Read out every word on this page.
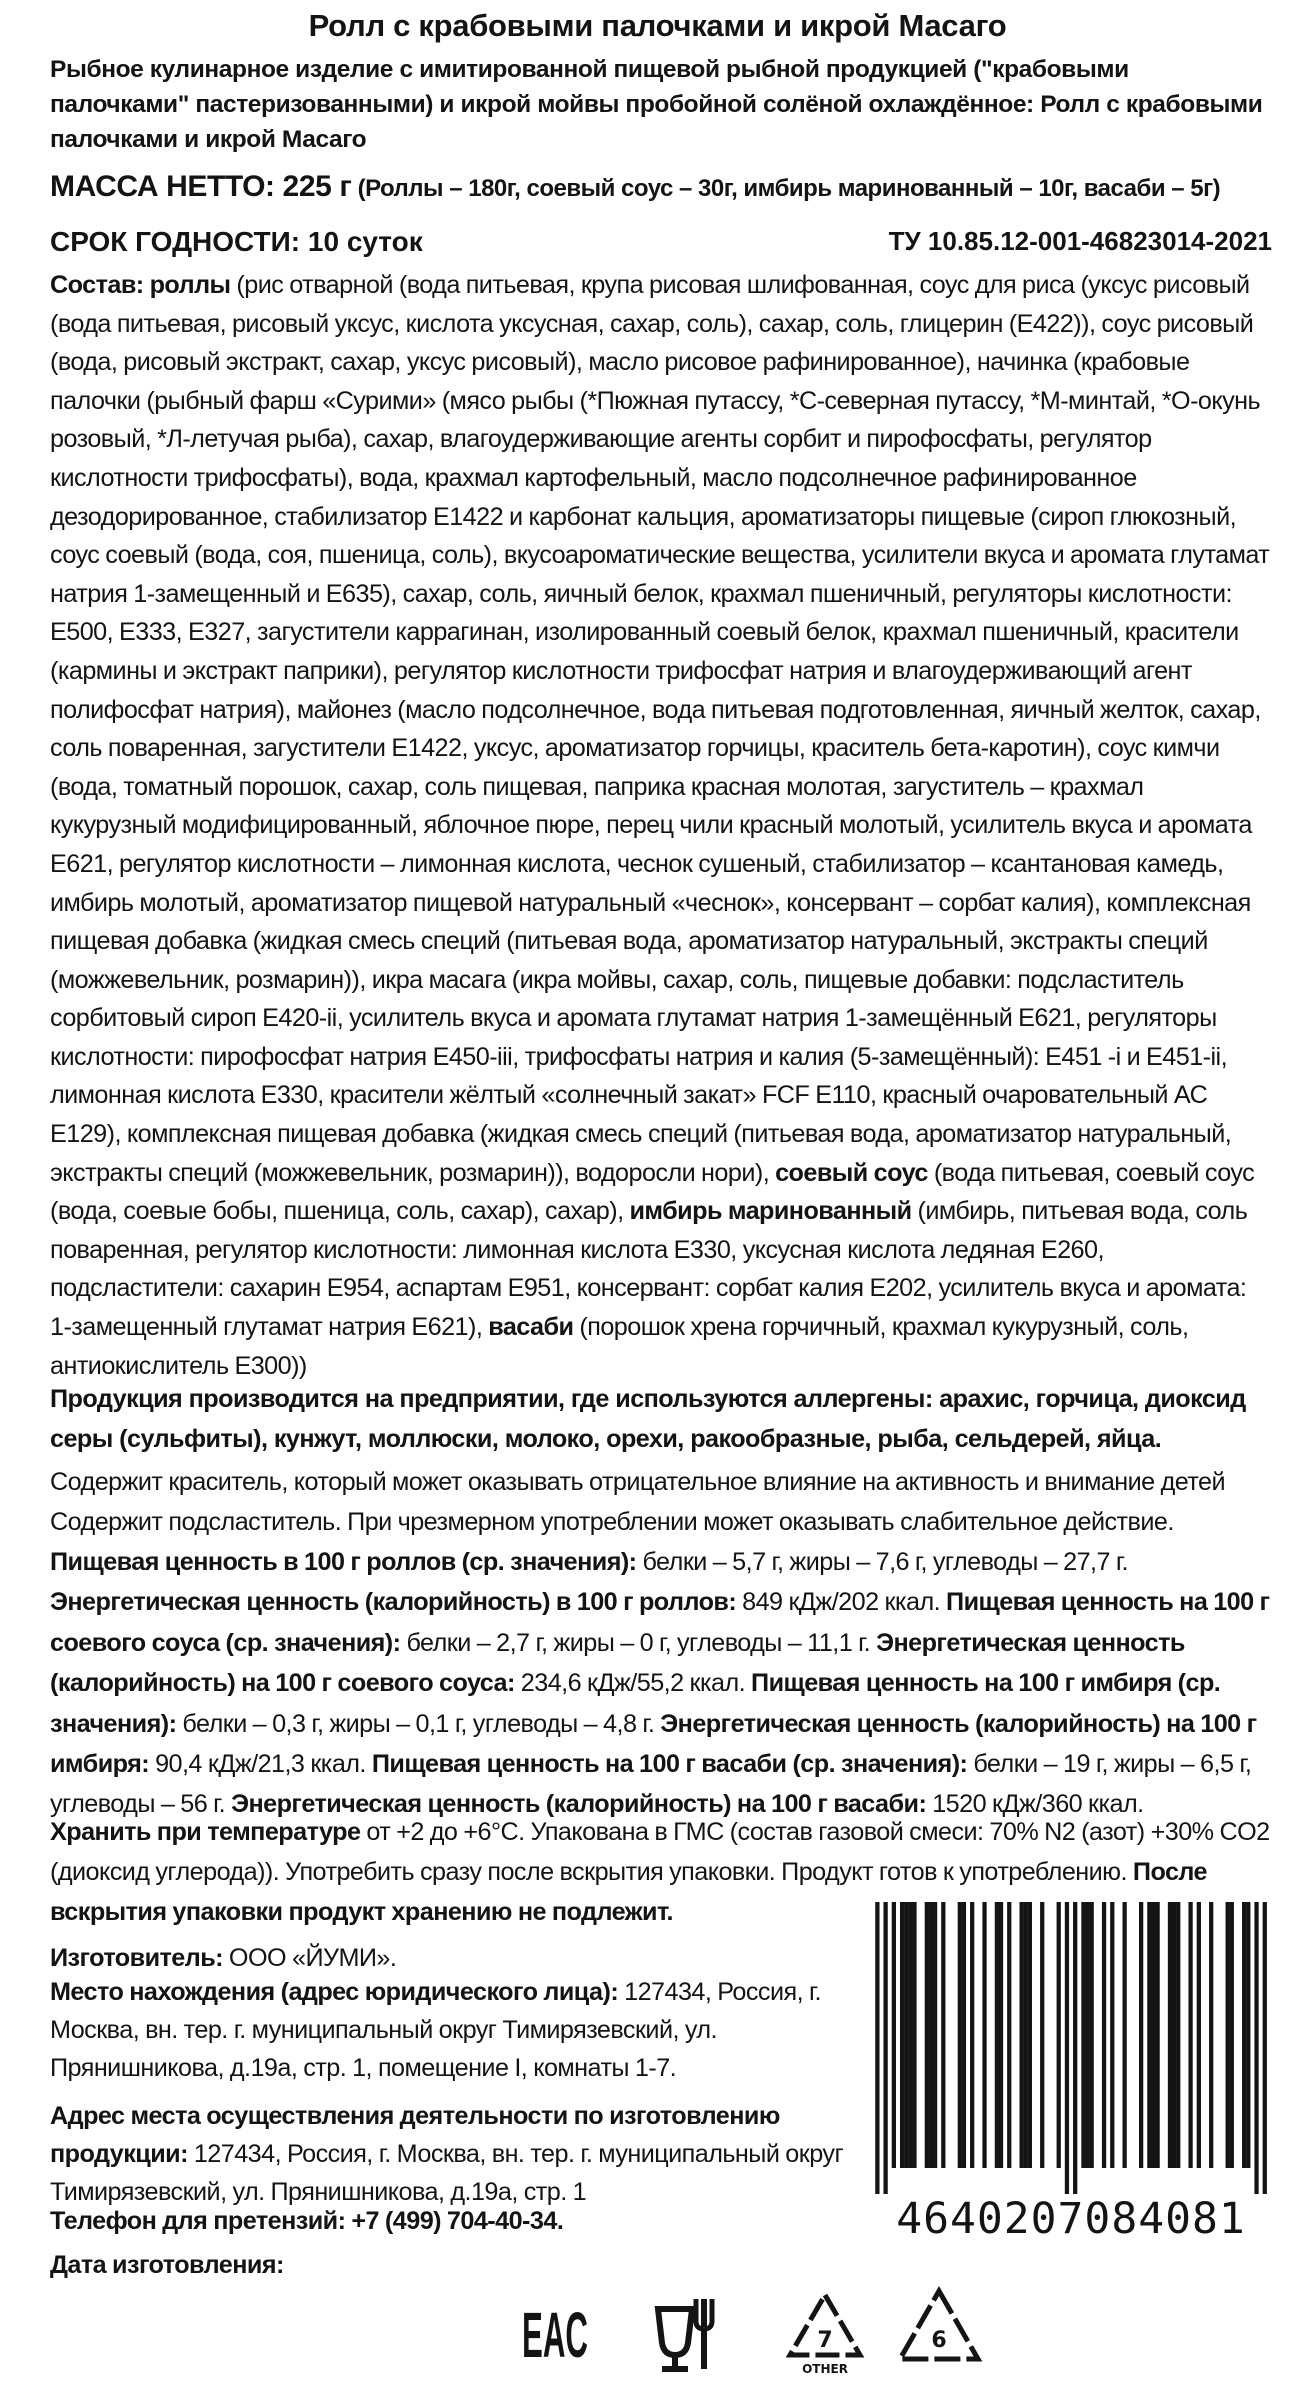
Ролл с крабовыми палочками и икрой Масаго
Рыбное кулинарное изделие с имитированной пищевой рыбной продукцией ("крабовыми палочками" пастеризованными) и икрой мойвы пробойной солёной охлаждённое: Ролл с крабовыми палочками и икрой Масаго
МАССА НЕТТО: 225 г (Роллы – 180г, соевый соус – 30г, имбирь маринованный – 10г, васаби – 5г)
СРОК ГОДНОСТИ: 10 суток	ТУ 10.85.12-001-46823014-2021
Состав: роллы (рис отварной (вода питьевая, крупа рисовая шлифованная, соус для риса (уксус рисовый (вода питьевая, рисовый уксус, кислота уксусная, сахар, соль), сахар, соль, глицерин (Е422)), соус рисовый (вода, рисовый экстракт, сахар, уксус рисовый), масло рисовое рафинированное), начинка (крабовые палочки (рыбный фарш «Сурими» (мясо рыбы (*Пюжная путассу, *С-северная путассу, *М-минтай, *О-окунь розовый, *Л-летучая рыба), сахар, влагоудерживающие агенты сорбит и пирофосфаты, регулятор кислотности трифосфаты), вода, крахмал картофельный, масло подсолнечное рафинированное дезодорированное, стабилизатор Е1422 и карбонат кальция, ароматизаторы пищевые (сироп глюкозный, соус соевый (вода, соя, пшеница, соль), вкусоароматические вещества, усилители вкуса и аромата глутамат натрия 1-замещенный и Е635), сахар, соль, яичный белок, крахмал пшеничный, регуляторы кислотности: Е500, Е333, Е327, загустители каррагинан, изолированный соевый белок, крахмал пшеничный, красители (кармины и экстракт паприки), регулятор кислотности трифосфат натрия и влагоудерживающий агент полифосфат натрия), майонез (масло подсолнечное, вода питьевая подготовленная, яичный желток, сахар, соль поваренная, загустители Е1422, уксус, ароматизатор горчицы, краситель бета-каротин), соус кимчи (вода, томатный порошок, сахар, соль пищевая, паприка красная молотая, загуститель – крахмал кукурузный модифицированный, яблочное пюре, перец чили красный молотый, усилитель вкуса и аромата Е621, регулятор кислотности – лимонная кислота, чеснок сушеный, стабилизатор – ксантановая камедь, имбирь молотый, ароматизатор пищевой натуральный «чеснок», консервант – сорбат калия), комплексная пищевая добавка (жидкая смесь специй (питьевая вода, ароматизатор натуральный, экстракты специй (можжевельник, розмарин)), икра масага (икра мойвы, сахар, соль, пищевые добавки: подсластитель сорбитовый сироп Е420-ii, усилитель вкуса и аромата глутамат натрия 1-замещённый Е621, регуляторы кислотности: пирофосфат натрия Е450-iii, трифосфаты натрия и калия (5-замещённый): Е451 -i и Е451-ii, лимонная кислота Е330, красители жёлтый «солнечный закат» FCF Е110, красный очаровательный АС Е129), комплексная пищевая добавка (жидкая смесь специй (питьевая вода, ароматизатор натуральный, экстракты специй (можжевельник, розмарин)), водоросли нори), соевый соус (вода питьевая, соевый соус (вода, соевые бобы, пшеница, соль, сахар), сахар), имбирь маринованный (имбирь, питьевая вода, соль поваренная, регулятор кислотности: лимонная кислота Е330, уксусная кислота ледяная Е260, подсластители: сахарин Е954, аспартам Е951, консервант: сорбат калия Е202, усилитель вкуса и аромата: 1-замещенный глутамат натрия Е621), васаби (порошок хрена горчичный, крахмал кукурузный, соль, антиокислитель Е300))
Продукция производится на предприятии, где используются аллергены: арахис, горчица, диоксид серы (сульфиты), кунжут, моллюски, молоко, орехи, ракообразные, рыба, сельдерей, яйца.
Содержит краситель, который может оказывать отрицательное влияние на активность и внимание детей
Содержит подсластитель. При чрезмерном употреблении может оказывать слабительное действие.
Пищевая ценность в 100 г роллов (ср. значения): белки – 5,7 г, жиры – 7,6 г, углеводы – 27,7 г.
Энергетическая ценность (калорийность) в 100 г роллов: 849 кДж/202 ккал. Пищевая ценность на 100 г соевого соуса (ср. значения): белки – 2,7 г, жиры – 0 г, углеводы – 11,1 г. Энергетическая ценность (калорийность) на 100 г соевого соуса: 234,6 кДж/55,2 ккал. Пищевая ценность на 100 г имбиря (ср. значения): белки – 0,3 г, жиры – 0,1 г, углеводы – 4,8 г. Энергетическая ценность (калорийность) на 100 г имбиря: 90,4 кДж/21,3 ккал. Пищевая ценность на 100 г васаби (ср. значения): белки – 19 г, жиры – 6,5 г, углеводы – 56 г. Энергетическая ценность (калорийность) на 100 г васаби: 1520 кДж/360 ккал.
Хранить при температуре от +2 до +6°С. Упакована в ГМС (состав газовой смеси: 70% N2 (азот) +30% CO2 (диоксид углерода)). Употребить сразу после вскрытия упаковки. Продукт готов к употреблению. После вскрытия упаковки продукт хранению не подлежит.
Изготовитель: ООО «ЙУМИ».
Место нахождения (адрес юридического лица): 127434, Россия, г. Москва, вн. тер. г. муниципальный округ Тимирязевский, ул. Прянишникова, д.19а, стр. 1, помещение I, комнаты 1-7.
Адрес места осуществления деятельности по изготовлению продукции: 127434, Россия, г. Москва, вн. тер. г. муниципальный округ Тимирязевский, ул. Прянишникова, д.19а, стр. 1
Телефон для претензий: +7 (499) 704-40-34.
Дата изготовления:
4640207084081
EAC	7
OTHER
6
